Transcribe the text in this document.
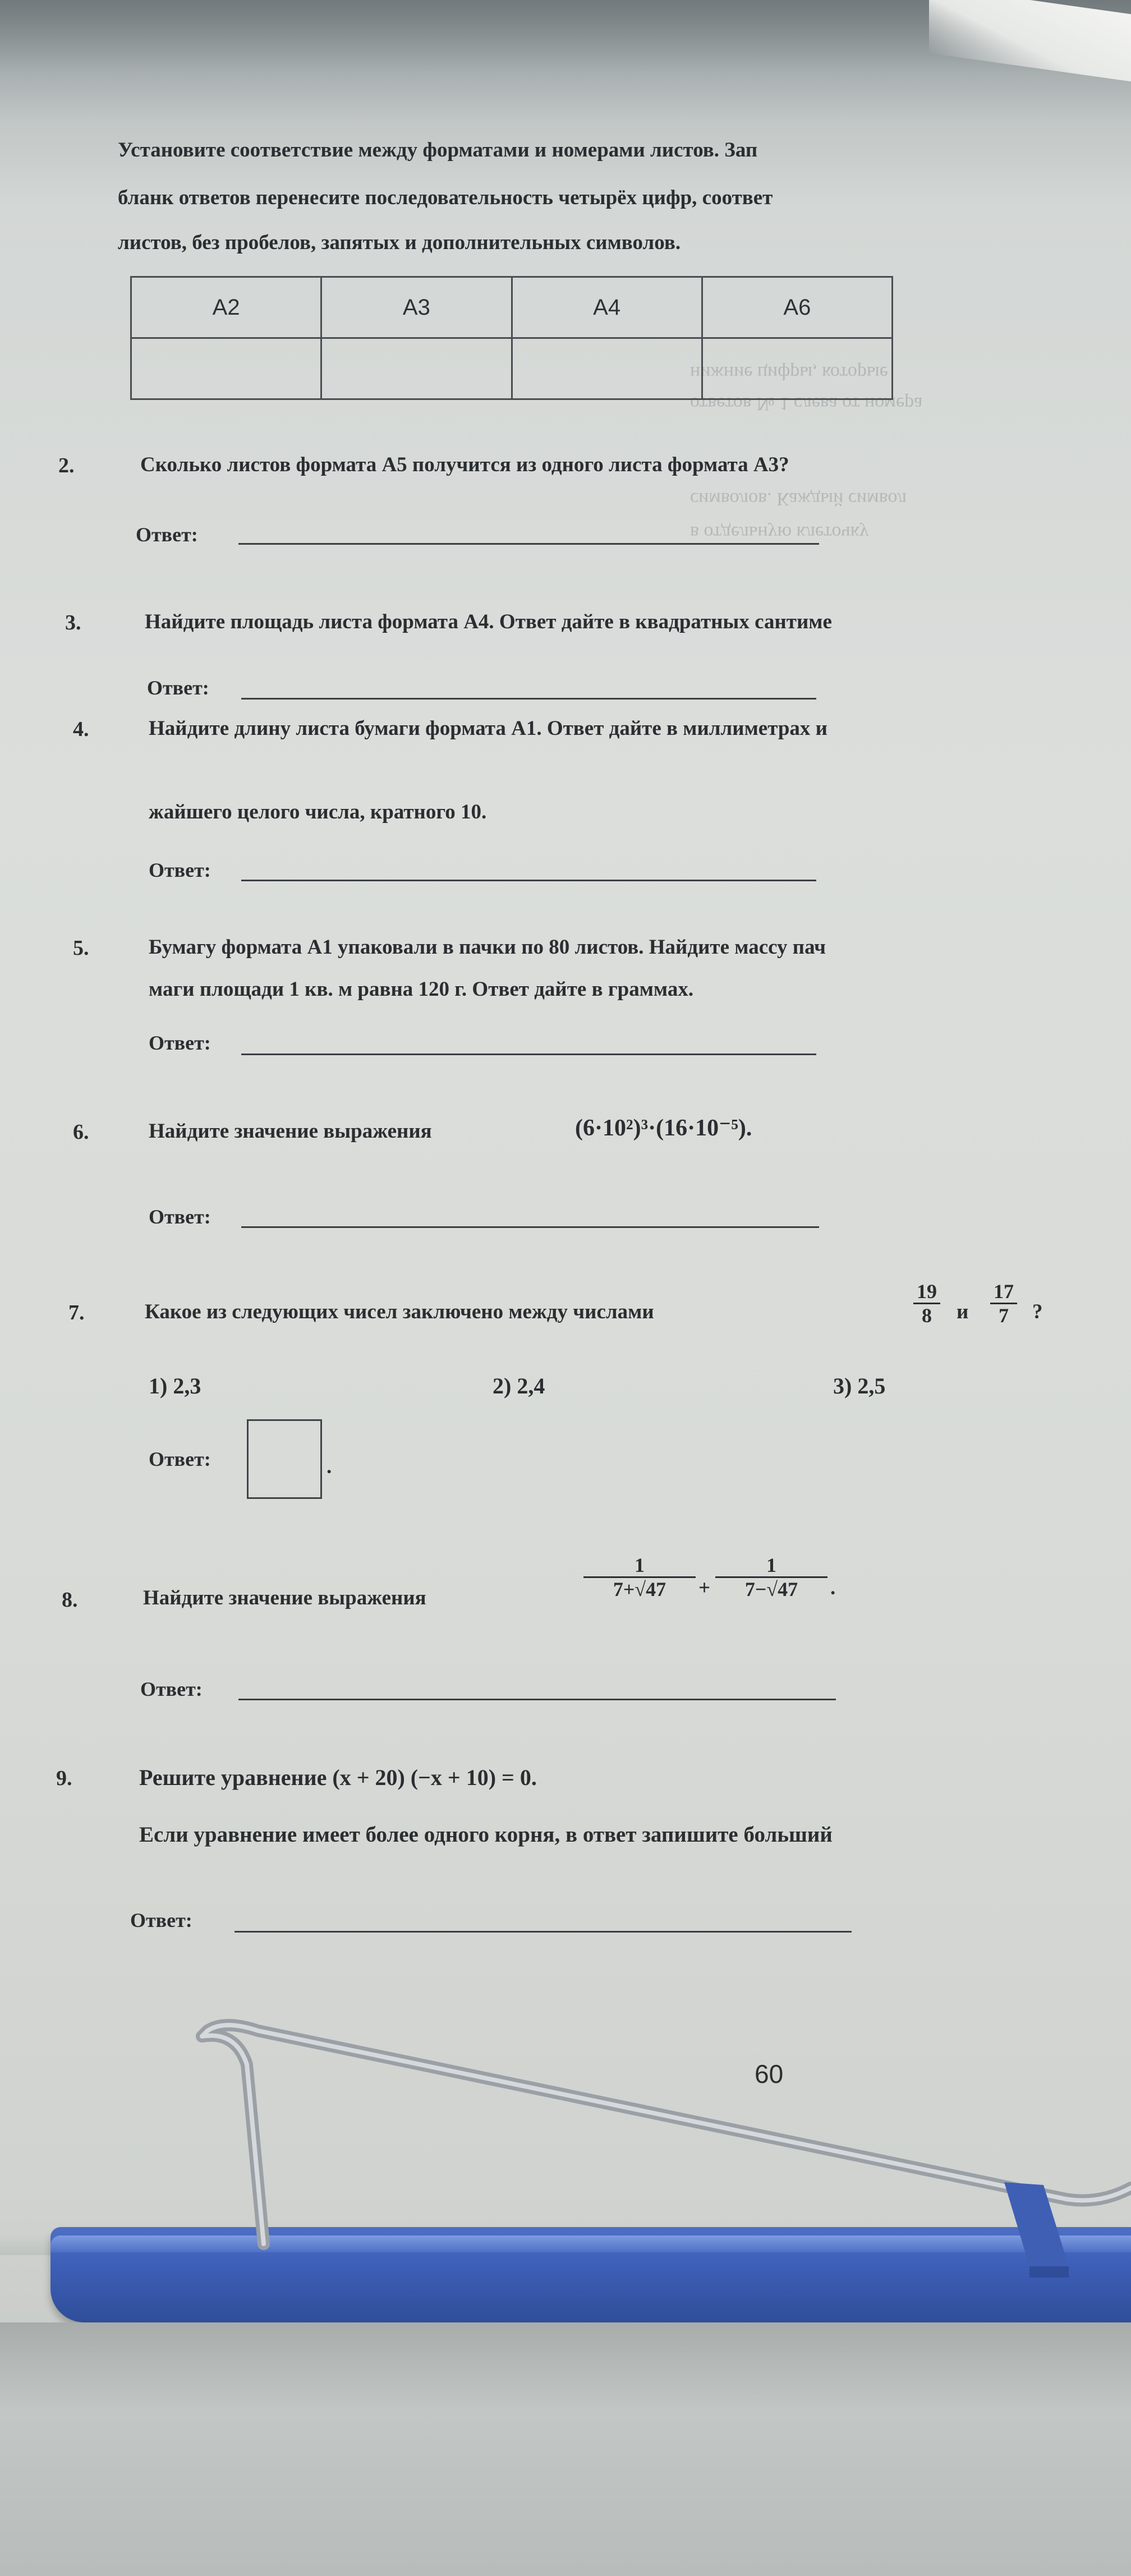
нижние цифры, которые
ответов № 1 слева от номера
символов. Каждый символ
в отдельную клеточку
Установите соответствие между форматами и номерами листов. Зап
бланк ответов перенесите последовательность четырёх цифр, соответ
листов, без пробелов, запятых и дополнительных символов.
A2	A3	A4	A6

2.	Сколько листов формата А5 получится из одного листа формата А3?
Ответ:
3.	Найдите площадь листа формата А4. Ответ дайте в квадратных сантиме
Ответ:
4.	Найдите длину листа бумаги формата А1. Ответ дайте в миллиметрах и
жайшего целого числа, кратного 10.
Ответ:
5.	Бумагу формата А1 упаковали в пачки по 80 листов. Найдите массу пач
маги площади 1 кв. м равна 120 г. Ответ дайте в граммах.
Ответ:
6.	Найдите значение выражения	(6·10²)³·(16·10⁻⁵).
Ответ:
7.	Какое из следующих чисел заключено между числами	$\frac{19}{8}$ и $\frac{17}{7}$ ?
1) 2,3	2) 2,4	3) 2,5
Ответ:	.
8.	Найдите значение выражения	$\frac{1}{7+√47} + \frac{1}{7-√47}$ .
Ответ:
9.	Решите уравнение (x + 20) (−x + 10) = 0.
Если уравнение имеет более одного корня, в ответ запишите больший
Ответ:
60
